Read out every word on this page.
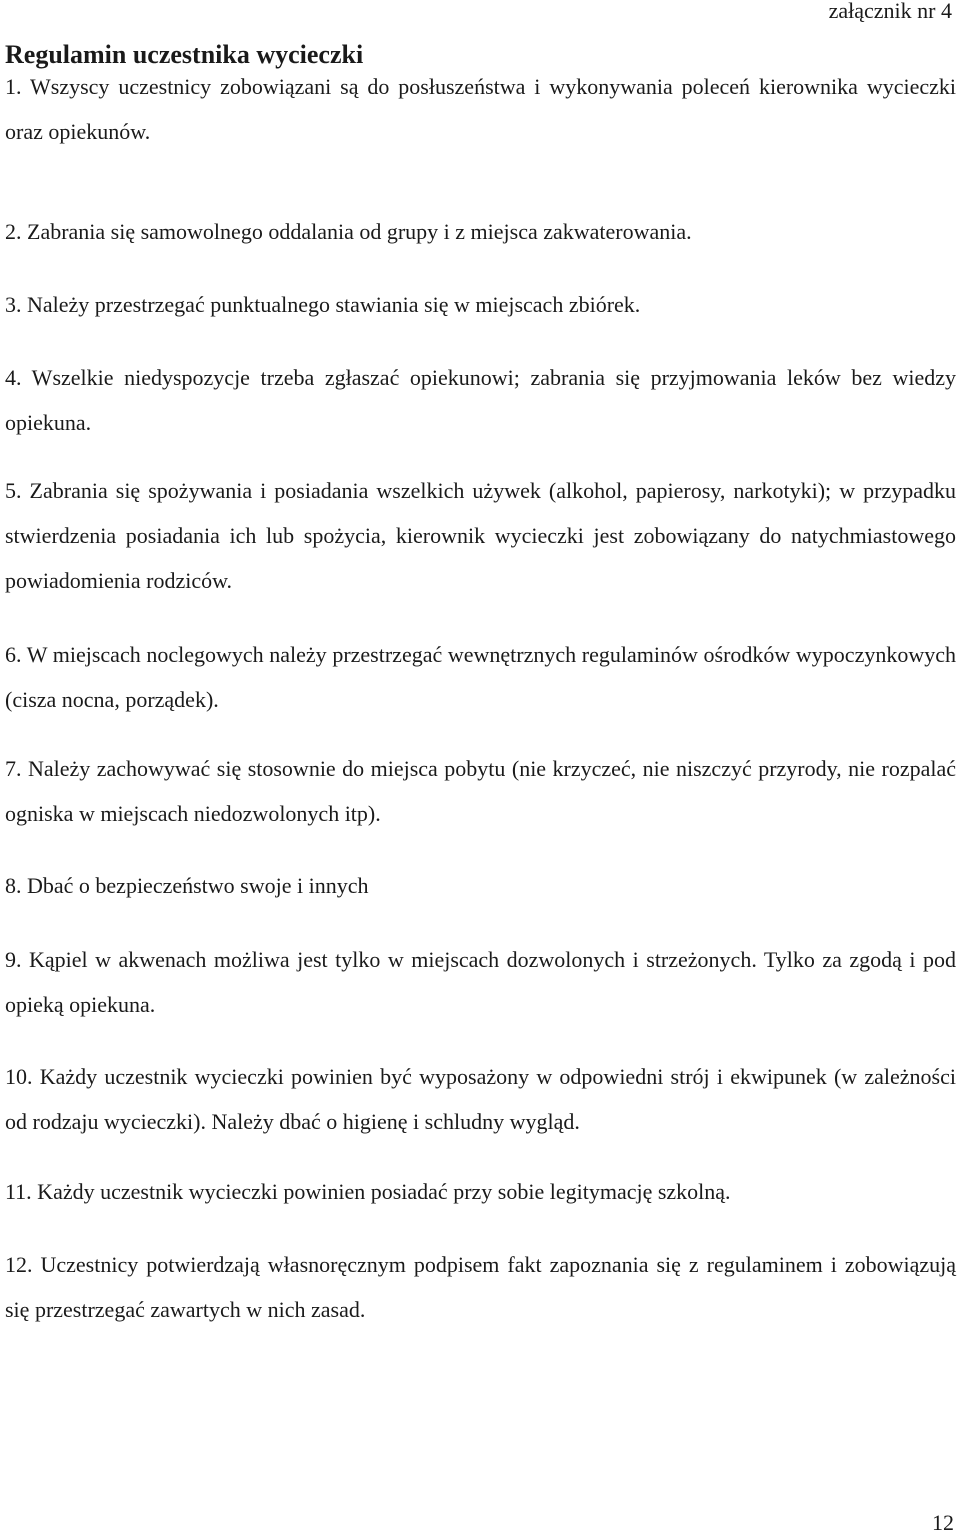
załącznik nr 4
Regulamin uczestnika wycieczki

1. Wszyscy uczestnicy zobowiązani są do posłuszeństwa i wykonywania poleceń kierownika wycieczki oraz opiekunów.

2. Zabrania się samowolnego oddalania od grupy i z miejsca zakwaterowania.

3. Należy przestrzegać punktualnego stawiania się w miejscach zbiórek.

4. Wszelkie niedyspozycje trzeba zgłaszać opiekunowi; zabrania się przyjmowania leków bez wiedzy opiekuna.

5. Zabrania się spożywania i posiadania wszelkich używek (alkohol, papierosy, narkotyki); w przypadku stwierdzenia posiadania ich lub spożycia, kierownik wycieczki jest zobowiązany do natychmiastowego powiadomienia rodziców.

6. W miejscach noclegowych należy przestrzegać wewnętrznych regulaminów ośrodków wypoczynkowych (cisza nocna, porządek).

7. Należy zachowywać się stosownie do miejsca pobytu (nie krzyczeć, nie niszczyć przyrody, nie rozpalać ogniska w miejscach niedozwolonych itp).

8. Dbać o bezpieczeństwo swoje i innych

9. Kąpiel w akwenach możliwa jest tylko w miejscach dozwolonych i strzeżonych. Tylko za zgodą i pod opieką opiekuna.

10. Każdy uczestnik wycieczki powinien być wyposażony w odpowiedni strój i ekwipunek (w zależności od rodzaju wycieczki). Należy dbać o higienę i schludny wygląd.

11. Każdy uczestnik wycieczki powinien posiadać przy sobie legitymację szkolną.

12. Uczestnicy potwierdzają własnoręcznym podpisem fakt zapoznania się z regulaminem i zobowiązują się przestrzegać zawartych w nich zasad.

12
